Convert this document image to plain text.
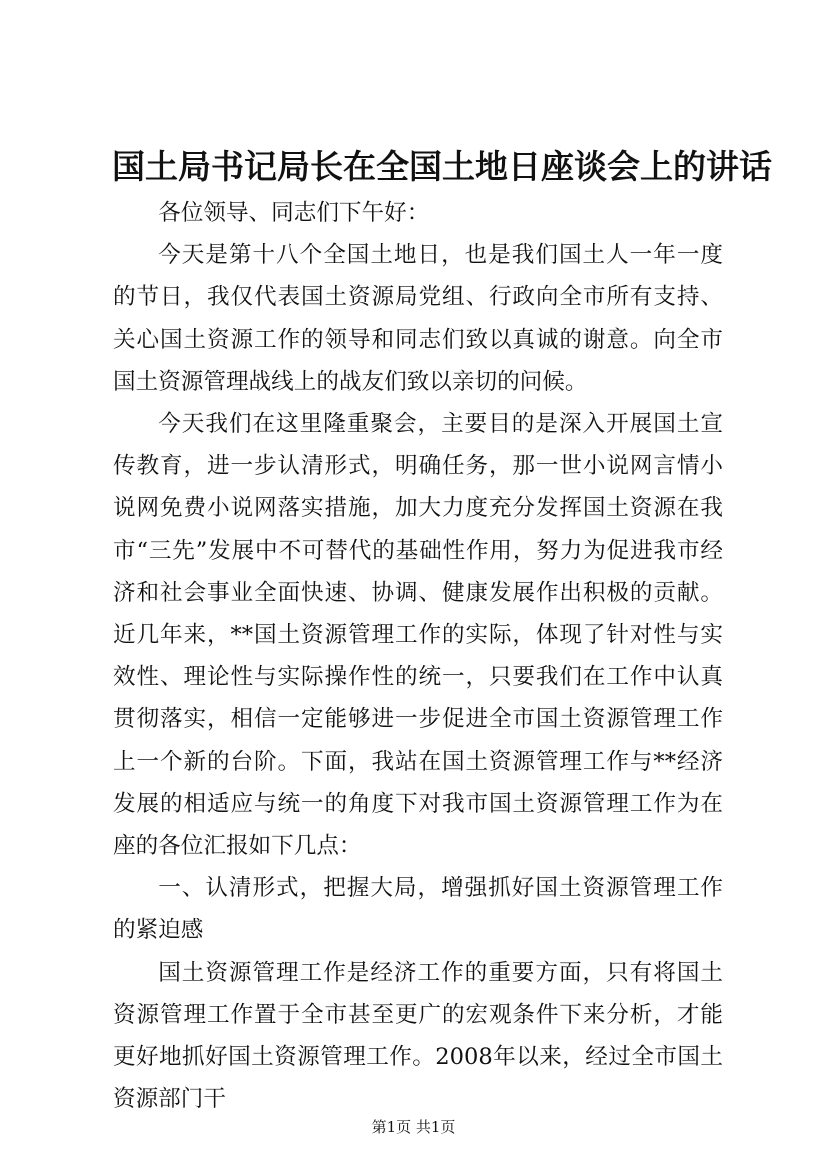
国土局书记局长在全国土地日座谈会上的讲话

各位领导、同志们下午好：

今天是第十八个全国土地日，也是我们国土人一年一度的节日，我仅代表国土资源局党组、行政向全市所有支持、关心国土资源工作的领导和同志们致以真诚的谢意。向全市国土资源管理战线上的战友们致以亲切的问候。

今天我们在这里隆重聚会，主要目的是深入开展国土宣传教育，进一步认清形式，明确任务，那一世小说网言情小说网免费小说网落实措施，加大力度充分发挥国土资源在我市“三先”发展中不可替代的基础性作用，努力为促进我市经济和社会事业全面快速、协调、健康发展作出积极的贡献。近几年来，**国土资源管理工作的实际，体现了针对性与实效性、理论性与实际操作性的统一，只要我们在工作中认真贯彻落实，相信一定能够进一步促进全市国土资源管理工作上一个新的台阶。下面，我站在国土资源管理工作与**经济发展的相适应与统一的角度下对我市国土资源管理工作为在座的各位汇报如下几点：

一、认清形式，把握大局，增强抓好国土资源管理工作的紧迫感

国土资源管理工作是经济工作的重要方面，只有将国土资源管理工作置于全市甚至更广的宏观条件下来分析，才能更好地抓好国土资源管理工作。2008年以来，经过全市国土资源部门干

第1页 共1页
